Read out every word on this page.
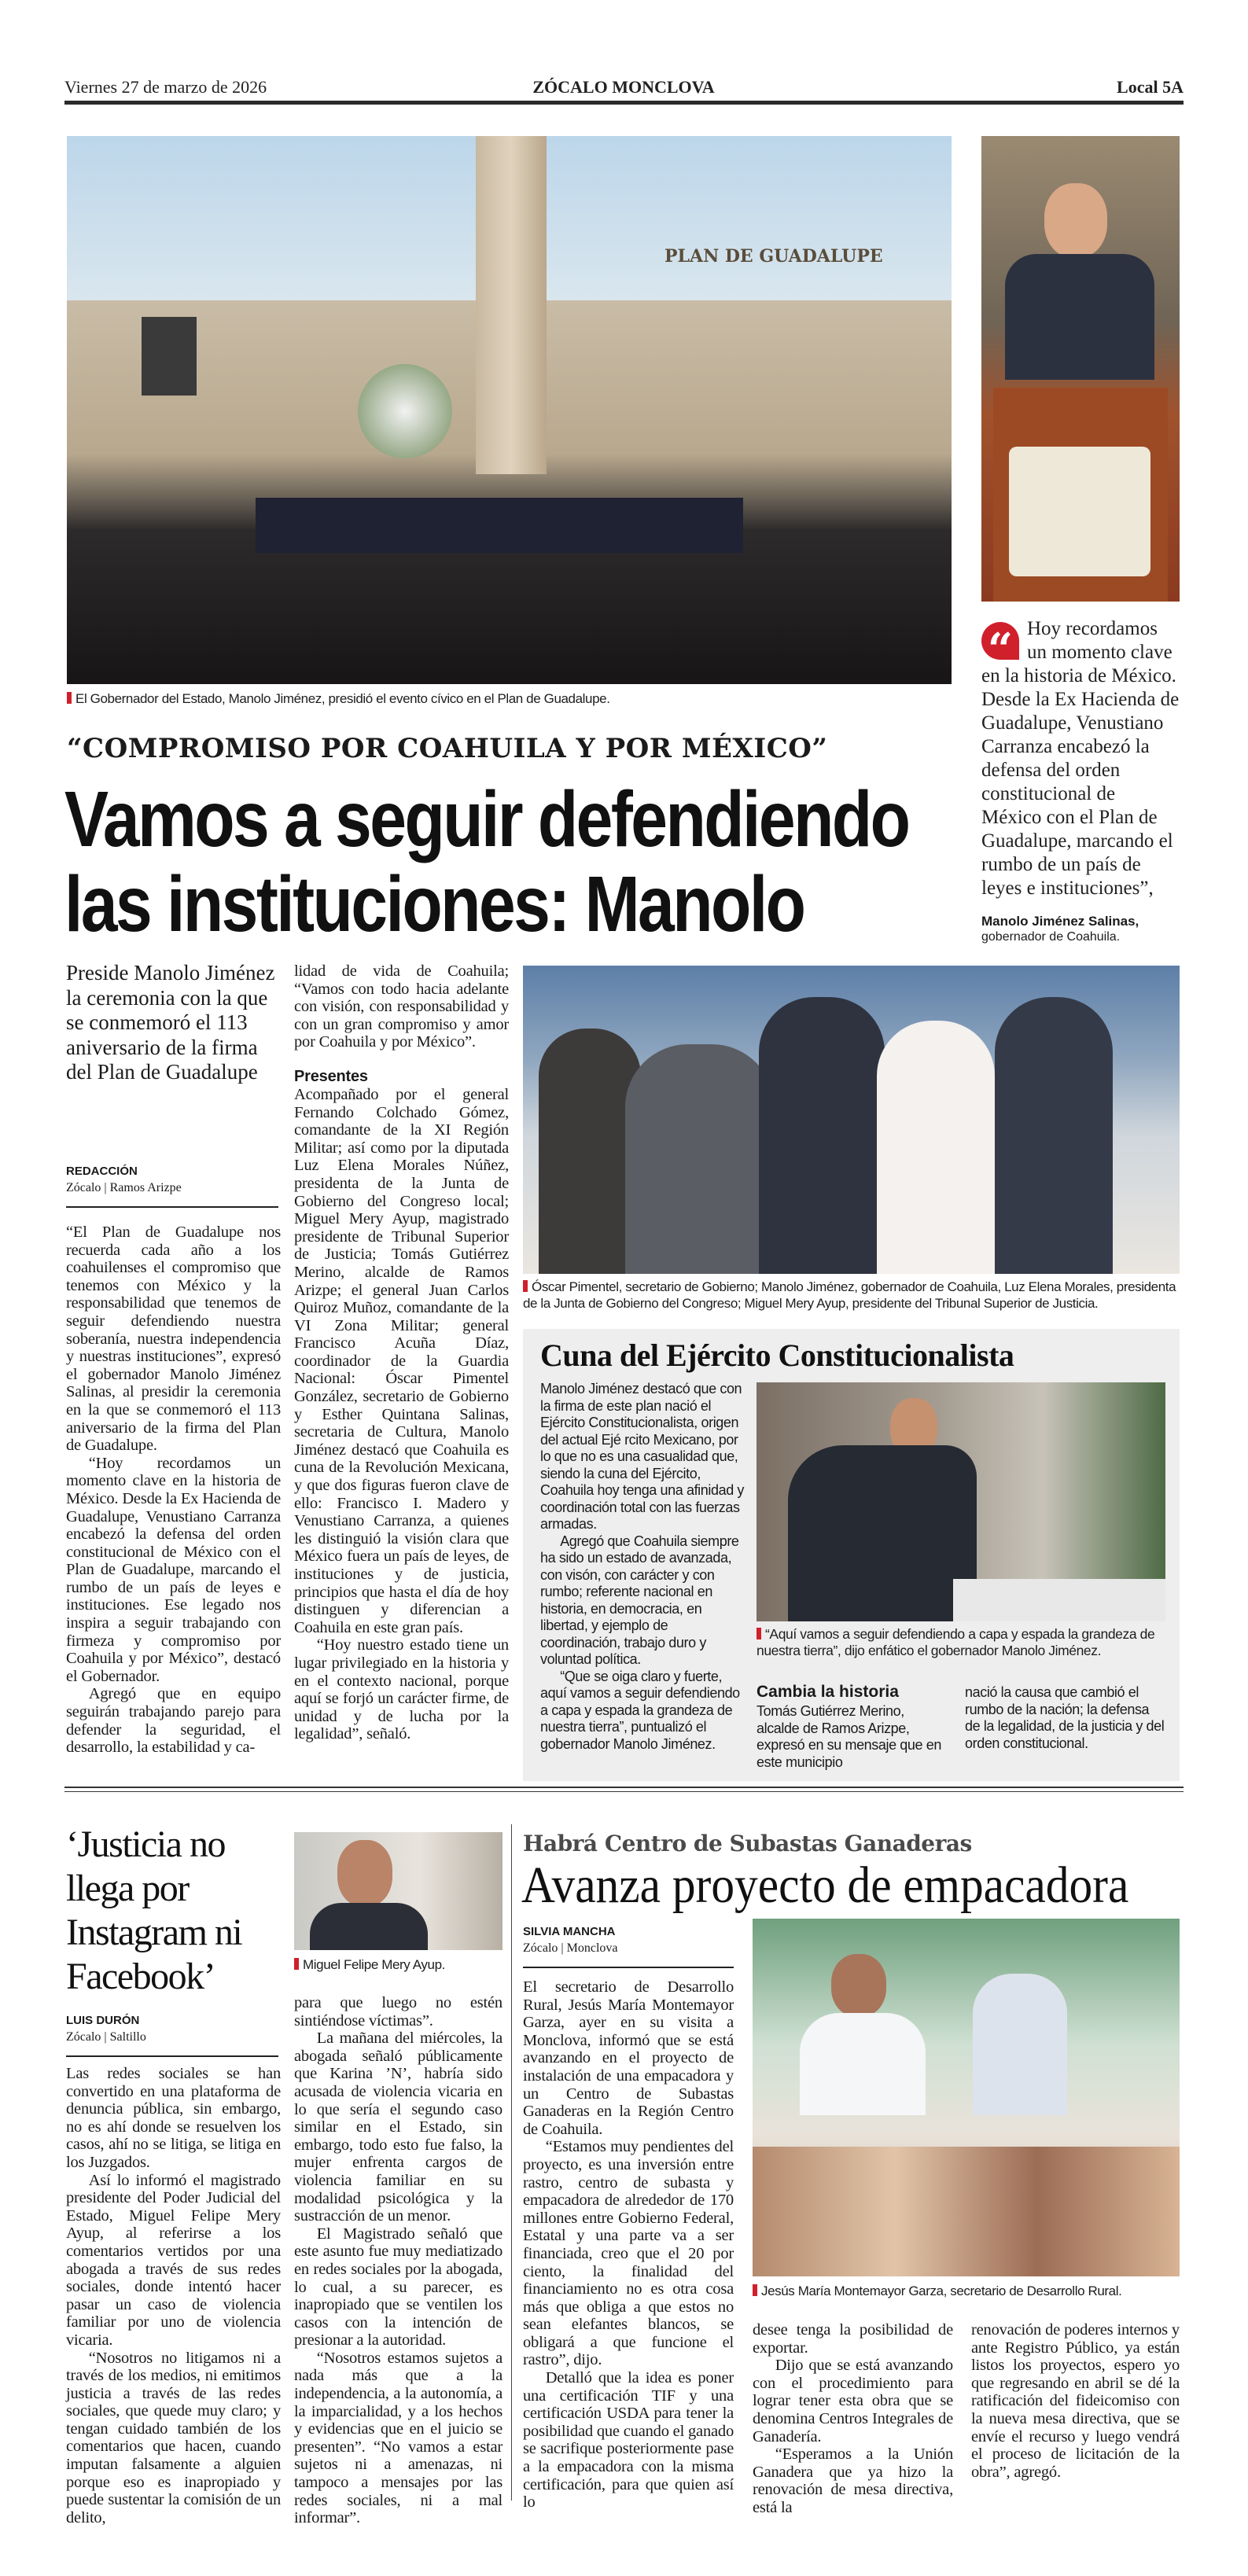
Viernes 27 de marzo de 2026	ZÓCALO MONCLOVA	Local 5A
PLAN DE GUADALUPE
El Gobernador del Estado, Manolo Jiménez, presidió el evento cívico en el Plan de Guadalupe.
“COMPROMISO POR COAHUILA Y POR MÉXICO”
Vamos a seguir defendiendo
las instituciones: Manolo
“ Hoy recordamos un momento clave en la historia de México. Desde la Ex Hacienda de Guadalupe, Venustiano Carranza encabezó la defensa del orden constitucional de México con el Plan de Guadalupe, marcando el rumbo de un país de leyes e instituciones”,
Manolo Jiménez Salinas,
gobernador de Coahuila.
Preside Manolo Jiménez la ceremonia con la que se conmemoró el 113 aniversario de la firma del Plan de Guadalupe
REDACCIÓN
Zócalo | Ramos Arizpe

“El Plan de Guadalupe nos recuerda cada año a los coahuilenses el compromiso que tenemos con México y la responsabilidad que tenemos de seguir defendiendo nuestra soberanía, nuestra independencia y nuestras instituciones”, expresó el gobernador Manolo Jiménez Salinas, al presidir la ceremonia en la que se conmemoró el 113 aniversario de la firma del Plan de Guadalupe.

“Hoy recordamos un momento clave en la historia de México. Desde la Ex Hacienda de Guadalupe, Venustiano Carranza encabezó la defensa del orden constitucional de México con el Plan de Guadalupe, marcando el rumbo de un país de leyes e instituciones. Ese legado nos inspira a seguir trabajando con firmeza y compromiso por Coahuila y por México”, destacó el Gobernador.

Agregó que en equipo seguirán trabajando parejo para defender la seguridad, el desarrollo, la estabilidad y ca-

lidad de vida de Coahuila; “Vamos con todo hacia adelante con visión, con responsabilidad y con un gran compromiso y amor por Coahuila y por México”.

Presentes

Acompañado por el general Fernando Colchado Gómez, comandante de la XI Región Militar; así como por la diputada Luz Elena Morales Núñez, presidenta de la Junta de Gobierno del Congreso local; Miguel Mery Ayup, magistrado presidente de Tribunal Superior de Justicia; Tomás Gutiérrez Merino, alcalde de Ramos Arizpe; el general Juan Carlos Quiroz Muñoz, comandante de la VI Zona Militar; general Francisco Acuña Díaz, coordinador de la Guardia Nacional: Óscar Pimentel González, secretario de Gobierno y Esther Quintana Salinas, secretaria de Cultura, Manolo Jiménez destacó que Coahuila es cuna de la Revolución Mexicana, y que dos figuras fueron clave de ello: Francisco I. Madero y Venustiano Carranza, a quienes les distinguió la visión clara que México fuera un país de leyes, de instituciones y de justicia, principios que hasta el día de hoy distinguen y diferencian a Coahuila en este gran país.

“Hoy nuestro estado tiene un lugar privilegiado en la historia y en el contexto nacional, porque aquí se forjó un carácter firme, de unidad y de lucha por la legalidad”, señaló.

Óscar Pimentel, secretario de Gobierno; Manolo Jiménez, gobernador de Coahuila, Luz Elena Morales, presidenta de la Junta de Gobierno del Congreso; Miguel Mery Ayup, presidente del Tribunal Superior de Justicia.
Cuna del Ejército Constitucionalista

Manolo Jiménez destacó que con la firma de este plan nació el Ejército Constitucionalista, origen del actual Ejé rcito Mexicano, por lo que no es una casualidad que, siendo la cuna del Ejército, Coahuila hoy tenga una afinidad y coordinación total con las fuerzas armadas.

Agregó que Coahuila siempre ha sido un estado de avanzada, con visón, con carácter y con rumbo; referente nacional en historia, en democracia, en libertad, y ejemplo de coordinación, trabajo duro y voluntad política.

“Que se oiga claro y fuerte, aquí vamos a seguir defendiendo a capa y espada la grandeza de nuestra tierra”, puntualizó el gobernador Manolo Jiménez.

“Aquí vamos a seguir defendiendo a capa y espada la grandeza de nuestra tierra”, dijo enfático el gobernador Manolo Jiménez.
Cambia la historia

Tomás Gutiérrez Merino, alcalde de Ramos Arizpe, expresó en su mensaje que en este municipio

nació la causa que cambió el rumbo de la nación; la defensa de la legalidad, de la justicia y del orden constitucional.

‘Justicia no llega por Instagram ni Facebook’
LUIS DURÓN
Zócalo | Saltillo

Las redes sociales se han convertido en una plataforma de denuncia pública, sin embargo, no es ahí donde se resuelven los casos, ahí no se litiga, se litiga en los Juzgados.

Así lo informó el magistrado presidente del Poder Judicial del Estado, Miguel Felipe Mery Ayup, al referirse a los comentarios vertidos por una abogada a través de sus redes sociales, donde intentó hacer pasar un caso de violencia familiar por uno de violencia vicaria.

“Nosotros no litigamos ni a través de los medios, ni emitimos justicia a través de las redes sociales, que quede muy claro; y tengan cuidado también de los comentarios que hacen, cuando imputan falsamente a alguien porque eso es inapropiado y puede sustentar la comisión de un delito,

Miguel Felipe Mery Ayup.

para que luego no estén sintiéndose víctimas”.

La mañana del miércoles, la abogada señaló públicamente que Karina ’N’, habría sido acusada de violencia vicaria en lo que sería el segundo caso similar en el Estado, sin embargo, todo esto fue falso, la mujer enfrenta cargos de violencia familiar en su modalidad psicológica y la sustracción de un menor.

El Magistrado señaló que este asunto fue muy mediatizado en redes sociales por la abogada, lo cual, a su parecer, es inapropiado que se ventilen los casos con la intención de presionar a la autoridad.

“Nosotros estamos sujetos a nada más que a la independencia, a la autonomía, a la imparcialidad, y a los hechos y evidencias que en el juicio se presenten”. “No vamos a estar sujetos ni a amenazas, ni tampoco a mensajes por las redes sociales, ni a mal informar”.

Habrá Centro de Subastas Ganaderas
Avanza proyecto de empacadora
SILVIA MANCHA
Zócalo | Monclova

El secretario de Desarrollo Rural, Jesús María Montemayor Garza, ayer en su visita a Monclova, informó que se está avanzando en el proyecto de instalación de una empacadora y un Centro de Subastas Ganaderas en la Región Centro de Coahuila.

“Estamos muy pendientes del proyecto, es una inversión entre rastro, centro de subasta y empacadora de alrededor de 170 millones entre Gobierno Federal, Estatal y una parte va a ser financiada, creo que el 20 por ciento, la finalidad del financiamiento no es otra cosa más que obliga a que estos no sean elefantes blancos, se obligará a que funcione el rastro”, dijo.

Detalló que la idea es poner una certificación TIF y una certificación USDA para tener la posibilidad que cuando el ganado se sacrifique posteriormente pase a la empacadora con la misma certificación, para que quien así lo

Jesús María Montemayor Garza, secretario de Desarrollo Rural.

desee tenga la posibilidad de exportar.

Dijo que se está avanzando con el procedimiento para lograr tener esta obra que se denomina Centros Integrales de Ganadería.

“Esperamos a la Unión Ganadera que ya hizo la renovación de mesa directiva, está la

renovación de poderes internos y ante Registro Público, ya están listos los proyectos, espero yo que regresando en abril se dé la ratificación del fideicomiso con la nueva mesa directiva, que se envíe el recurso y luego vendrá el proceso de licitación de la obra”, agregó.
